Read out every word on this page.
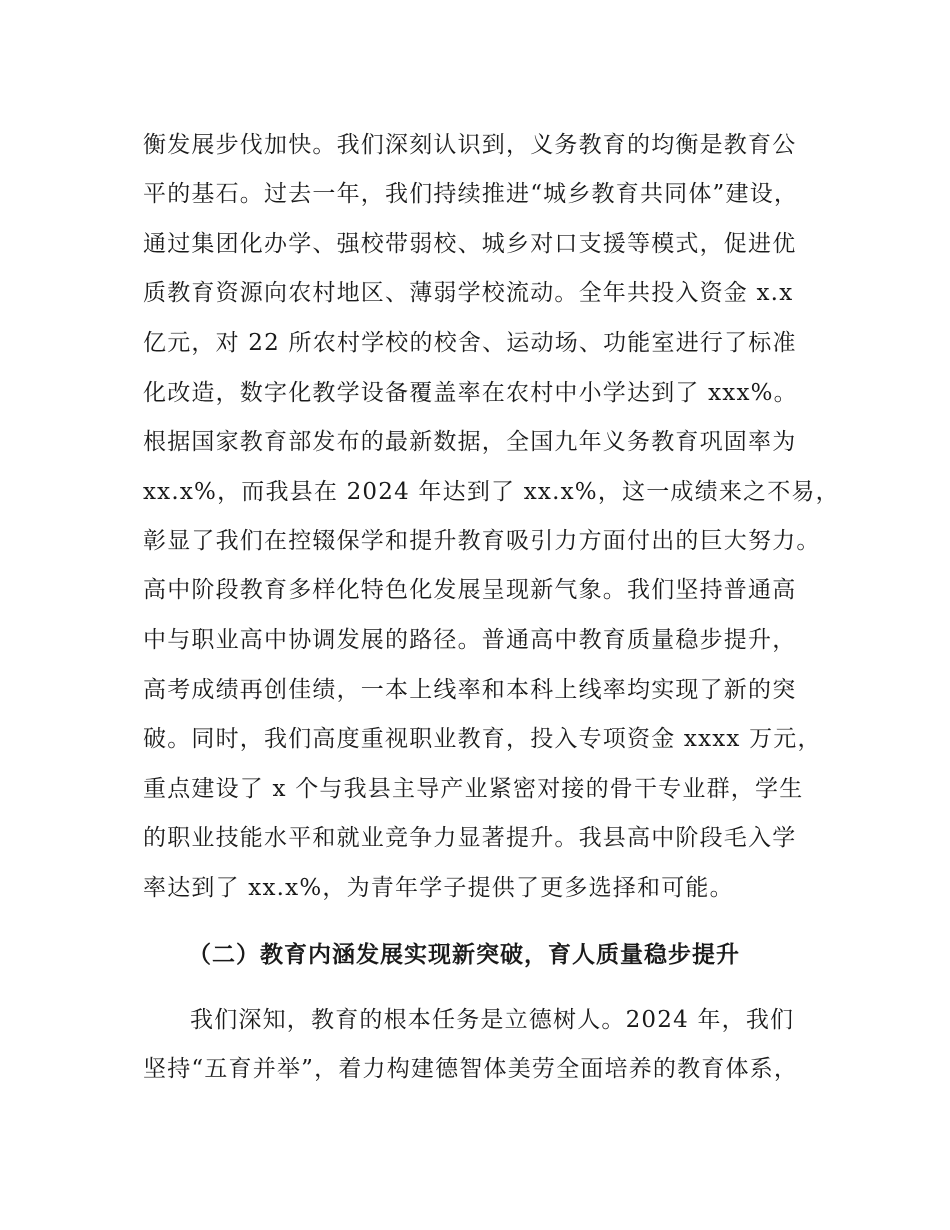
衡发展步伐加快。我们深刻认识到，义务教育的均衡是教育公
平的基石。过去一年，我们持续推进“城乡教育共同体”建设，
通过集团化办学、强校带弱校、城乡对口支援等模式，促进优
质教育资源向农村地区、薄弱学校流动。全年共投入资金 x.x
亿元，对 22 所农村学校的校舍、运动场、功能室进行了标准
化改造，数字化教学设备覆盖率在农村中小学达到了 xxx%。
根据国家教育部发布的最新数据，全国九年义务教育巩固率为
xx.x%，而我县在 2024 年达到了 xx.x%，这一成绩来之不易，
彰显了我们在控辍保学和提升教育吸引力方面付出的巨大努力。
高中阶段教育多样化特色化发展呈现新气象。我们坚持普通高
中与职业高中协调发展的路径。普通高中教育质量稳步提升，
高考成绩再创佳绩，一本上线率和本科上线率均实现了新的突
破。同时，我们高度重视职业教育，投入专项资金 xxxx 万元，
重点建设了 x 个与我县主导产业紧密对接的骨干专业群，学生
的职业技能水平和就业竞争力显著提升。我县高中阶段毛入学
率达到了 xx.x%，为青年学子提供了更多选择和可能。
（二）教育内涵发展实现新突破，育人质量稳步提升
我们深知，教育的根本任务是立德树人。2024 年，我们
坚持“五育并举”，着力构建德智体美劳全面培养的教育体系，
